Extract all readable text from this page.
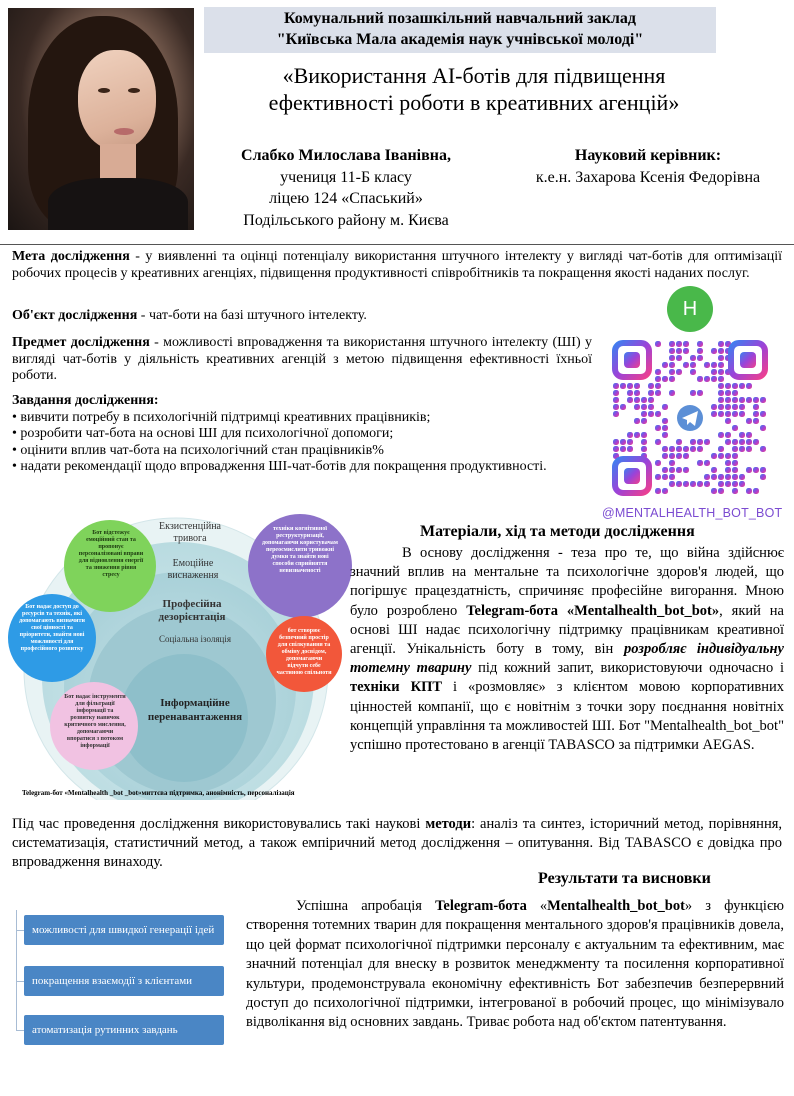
Комунальний позашкільний навчальний заклад
"Київська Мала академія наук учнівської молоді"
«Використання AI-ботів для підвищення
ефективності роботи в креативних агенцій»
Слабко Милослава Іванівна,
учениця 11-Б класу
ліцею 124 «Спаський»
Подільського району м. Києва
Науковий керівник:
к.е.н. Захарова Ксенія Федорівна
Мета дослідження - у виявленні та оцінці потенціалу використання штучного інтелекту у вигляді чат-ботів для оптимізації робочих процесів у креативних агенціях, підвищення продуктивності співробітників та покращення якості наданих послуг.
Об'єкт дослідження - чат-боти на базі штучного інтелекту.
Предмет дослідження - можливості впровадження та використання штучного інтелекту (ШІ) у вигляді чат-ботів у діяльність креативних агенцій з метою підвищення ефективності їхньої роботи.
Завдання дослідження:
• вивчити потребу в психологічній підтримці креативних працівників;
• розробити чат-бота на основі ШІ для психологічної допомоги;
• оцінити вплив чат-бота на психологічний стан працівників%
• надати рекомендації щодо впровадження ШІ-чат-ботів для покращення продуктивності.
H
@MENTALHEALTH_BOT_BOT
Екзистенційна тривога
Емоційне виснаження
Професійна дезорієнтація
Соціальна ізоляція
Інформаційне перенавантаження
Бот відстежує емоційний стан та пропонує персоналізовані вправи для відновлення енергії та зниження рівня стресу
техніки когнітивної реструктуризації, допомагаючи користувачам переосмислити тривожні думки та знайти нові способи сприйняття невизначеності
Бот надає доступ до ресурсів та технік, які допомагають визначити свої цінності та пріоритети, знайти нові можливості для професійного розвитку
бот створює безпечний простір для спілкування та обміну досвідом, допомагаючи відчути себе частиною спільноти
Бот надає інструменти для фільтрації інформації та розвитку навичок критичного мислення, допомагаючи впоратися з потоком інформації
Telegram-бот «Mentalhealth _bot _bot»миттєва підтримка, анонімність, персоналізація
Матеріали, хід та методи дослідження
В основу дослідження - теза про те, що війна здійснює значний вплив на ментальне та психологічне здоров'я людей, що погіршує працездатність, спричиняє професійне вигорання. Мною було розроблено Telegram-бота «Mentalhealth_bot_bot», який на основі ШІ надає психологічну підтримку працівникам креативної агенції. Унікальність боту в тому, він розробляє індивідуальну тотемну тварину під кожний запит, використовуючи одночасно і техніки КПТ і «розмовляє» з клієнтом мовою корпоративних цінностей компанії, що є новітнім з точки зору поєднання новітніх концепцій управління та можливостей ШІ. Бот "Mentalhealth_bot_bot" успішно протестовано в агенції TABASCO за підтримки AEGAS.
Під час проведення дослідження використовувались такі наукові методи: аналіз та синтез, історичний метод, порівняння, систематизація, статистичний метод, а також емпіричний метод дослідження – опитування. Від TABASCO є довідка про впровадження винаходу.
Результати та висновки
Успішна апробація Telegram-бота «Mentalhealth_bot_bot» з функцією створення тотемних тварин для покращення ментального здоров'я працівників довела, що цей формат психологічної підтримки персоналу є актуальним та ефективним, має значний потенціал для внеску в розвиток менеджменту та посилення корпоративної культури, продемонструвала економічну ефективність Бот забезпечив безперервний доступ до психологічної підтримки, інтегрованої в робочий процес, що мінімізувало відволікання від основних завдань. Триває робота над об'єктом патентування.
можливості для швидкої генерації ідей
покращення взаємодії з клієнтами
атоматизація рутинних завдань
